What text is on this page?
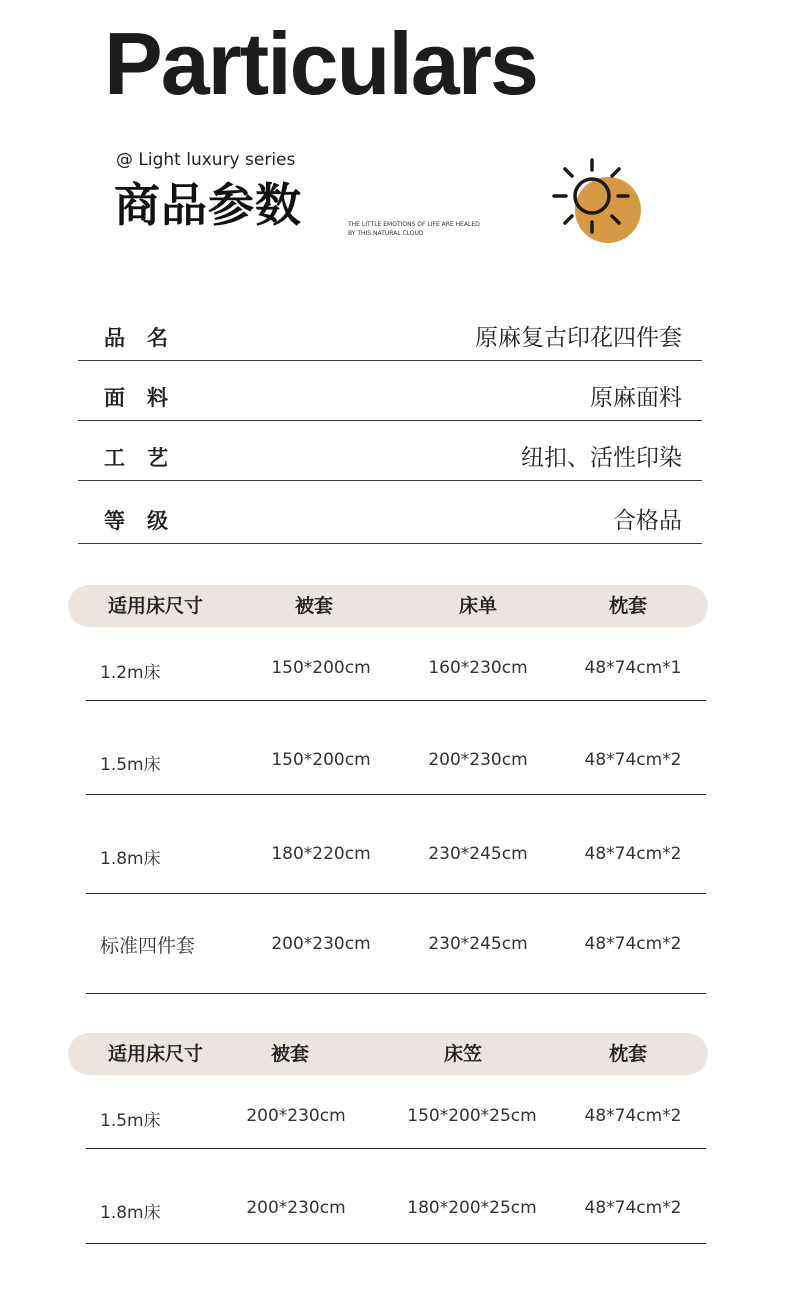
Particulars
@ Light luxury series
商品参数	THE LITTLE EMOTIONS OF LIFE ARE HEALED
BY THIS NATURAL CLOUD
品名	原麻复古印花四件套
面料	原麻面料
工艺	纽扣、活性印染
等级	合格品
适用床尺寸	被套	床单	枕套
1.2m床	150*200cm	160*230cm	48*74cm*1
1.5m床	150*200cm	200*230cm	48*74cm*2
1.8m床	180*220cm	230*245cm	48*74cm*2
标准四件套	200*230cm	230*245cm	48*74cm*2
适用床尺寸	被套	床笠	枕套
1.5m床	200*230cm	150*200*25cm	48*74cm*2
1.8m床	200*230cm	180*200*25cm	48*74cm*2
